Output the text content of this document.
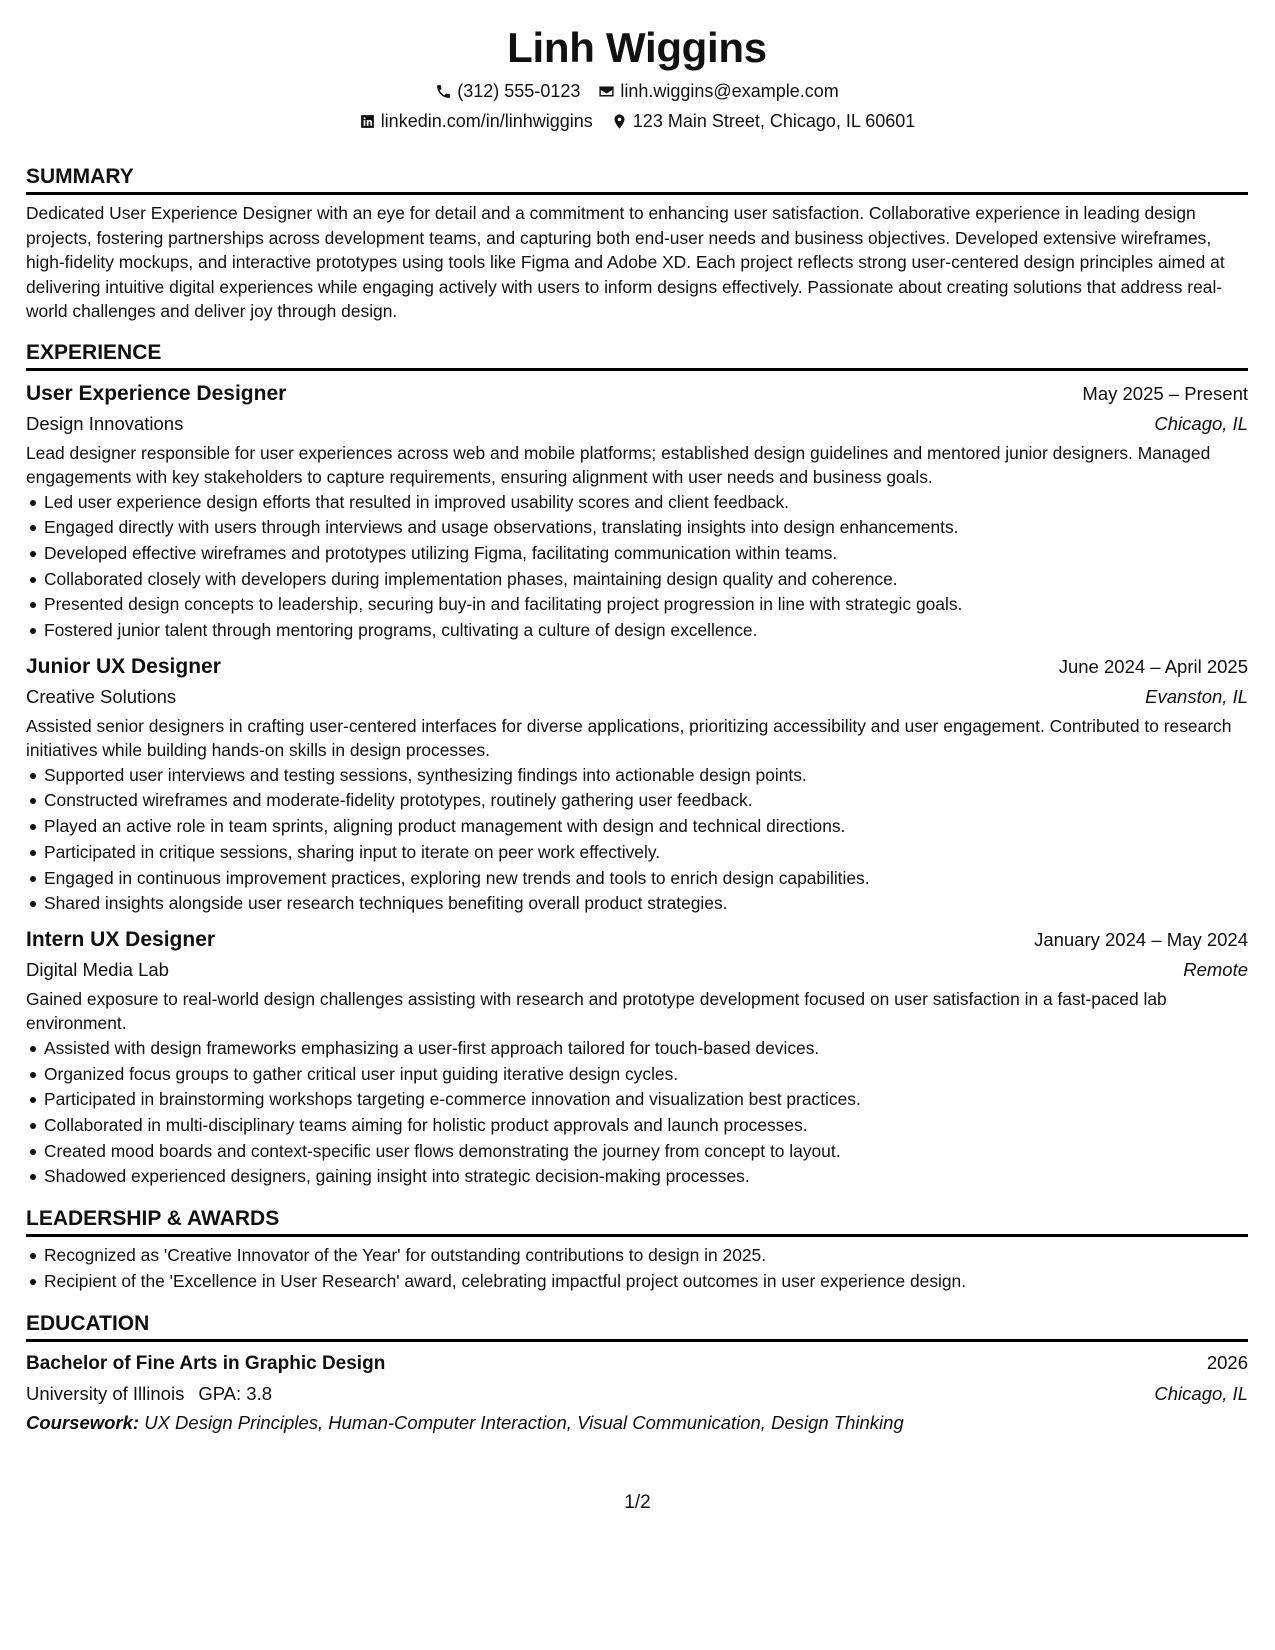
Linh Wiggins
(312) 555-0123 linh.wiggins@example.com
linkedin.com/in/linhwiggins 123 Main Street, Chicago, IL 60601
SUMMARY

Dedicated User Experience Designer with an eye for detail and a commitment to enhancing user satisfaction. Collaborative experience in leading design projects, fostering partnerships across development teams, and capturing both end-user needs and business objectives. Developed extensive wireframes, high-fidelity mockups, and interactive prototypes using tools like Figma and Adobe XD. Each project reflects strong user-centered design principles aimed at delivering intuitive digital experiences while engaging actively with users to inform designs effectively. Passionate about creating solutions that address real-world challenges and deliver joy through design.

EXPERIENCE
User Experience Designer	May 2025 – Present
Design Innovations	Chicago, IL

Lead designer responsible for user experiences across web and mobile platforms; established design guidelines and mentored junior designers. Managed engagements with key stakeholders to capture requirements, ensuring alignment with user needs and business goals.

Led user experience design efforts that resulted in improved usability scores and client feedback.
Engaged directly with users through interviews and usage observations, translating insights into design enhancements.
Developed effective wireframes and prototypes utilizing Figma, facilitating communication within teams.
Collaborated closely with developers during implementation phases, maintaining design quality and coherence.
Presented design concepts to leadership, securing buy-in and facilitating project progression in line with strategic goals.
Fostered junior talent through mentoring programs, cultivating a culture of design excellence.
Junior UX Designer	June 2024 – April 2025
Creative Solutions	Evanston, IL

Assisted senior designers in crafting user-centered interfaces for diverse applications, prioritizing accessibility and user engagement. Contributed to research initiatives while building hands-on skills in design processes.

Supported user interviews and testing sessions, synthesizing findings into actionable design points.
Constructed wireframes and moderate-fidelity prototypes, routinely gathering user feedback.
Played an active role in team sprints, aligning product management with design and technical directions.
Participated in critique sessions, sharing input to iterate on peer work effectively.
Engaged in continuous improvement practices, exploring new trends and tools to enrich design capabilities.
Shared insights alongside user research techniques benefiting overall product strategies.
Intern UX Designer	January 2024 – May 2024
Digital Media Lab	Remote

Gained exposure to real-world design challenges assisting with research and prototype development focused on user satisfaction in a fast-paced lab environment.

Assisted with design frameworks emphasizing a user-first approach tailored for touch-based devices.
Organized focus groups to gather critical user input guiding iterative design cycles.
Participated in brainstorming workshops targeting e-commerce innovation and visualization best practices.
Collaborated in multi-disciplinary teams aiming for holistic product approvals and launch processes.
Created mood boards and context-specific user flows demonstrating the journey from concept to layout.
Shadowed experienced designers, gaining insight into strategic decision-making processes.
LEADERSHIP & AWARDS
Recognized as 'Creative Innovator of the Year' for outstanding contributions to design in 2025.
Recipient of the 'Excellence in User Research' award, celebrating impactful project outcomes in user experience design.
EDUCATION
Bachelor of Fine Arts in Graphic Design	2026
University of Illinois GPA: 3.8	Chicago, IL
Coursework: UX Design Principles, Human-Computer Interaction, Visual Communication, Design Thinking
1/2
